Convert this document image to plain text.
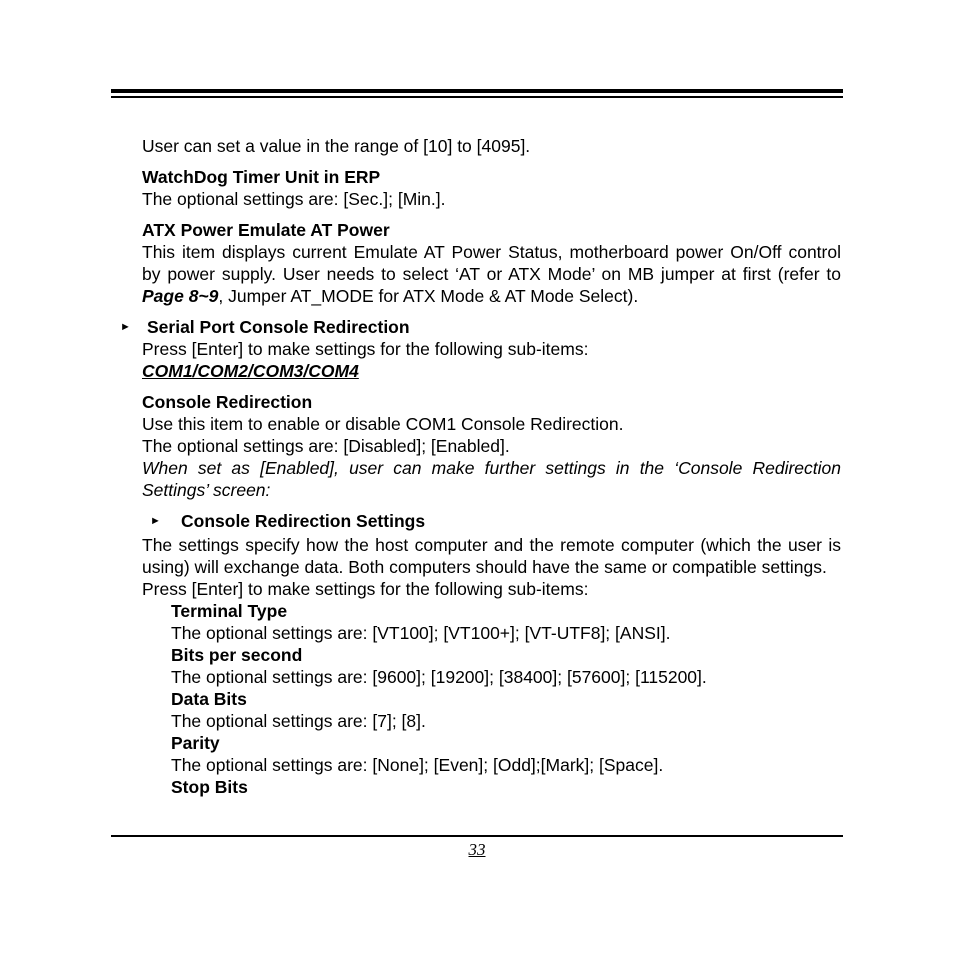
User can set a value in the range of [10] to [4095].

WatchDog Timer Unit in ERP

The optional settings are: [Sec.]; [Min.].

ATX Power Emulate AT Power

This item displays current Emulate AT Power Status, motherboard power On/Off control by power supply. User needs to select ‘AT or ATX Mode’ on MB jumper at first (refer to Page 8~9, Jumper AT_MODE for ATX Mode & AT Mode Select).

► Serial Port Console Redirection

Press [Enter] to make settings for the following sub-items:

COM1/COM2/COM3/COM4

Console Redirection

Use this item to enable or disable COM1 Console Redirection.

The optional settings are: [Disabled]; [Enabled].

When set as [Enabled], user can make further settings in the ‘Console Redirection Settings’ screen:

► Console Redirection Settings

The settings specify how the host computer and the remote computer (which the user is using) will exchange data. Both computers should have the same or compatible settings.

Press [Enter] to make settings for the following sub-items:

Terminal Type

The optional settings are: [VT100]; [VT100+]; [VT-UTF8]; [ANSI].

Bits per second

The optional settings are: [9600]; [19200]; [38400]; [57600]; [115200].

Data Bits

The optional settings are: [7]; [8].

Parity

The optional settings are: [None]; [Even]; [Odd];[Mark]; [Space].

Stop Bits

33
